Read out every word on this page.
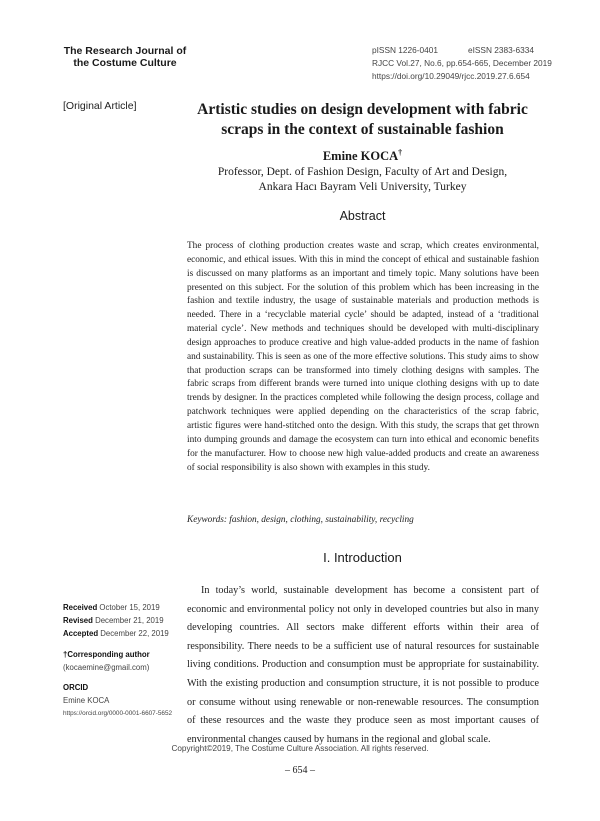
The Research Journal of the Costume Culture
pISSN 1226-0401	eISSN 2383-6334
RJCC Vol.27, No.6, pp.654-665, December 2019
https://doi.org/10.29049/rjcc.2019.27.6.654
[Original Article]	Artistic studies on design development with fabric scraps in the context of sustainable fashion
Emine KOCA†
Professor, Dept. of Fashion Design, Faculty of Art and Design,
Ankara Hacı Bayram Veli University, Turkey
Abstract
The process of clothing production creates waste and scrap, which creates environmental, economic, and ethical issues. With this in mind the concept of ethical and sustainable fashion is discussed on many platforms as an important and timely topic. Many solutions have been presented on this subject. For the solution of this problem which has been increasing in the fashion and textile industry, the usage of sustainable materials and production methods is needed. There in a ‘recyclable material cycle’ should be adapted, instead of a ‘traditional material cycle’. New methods and techniques should be developed with multi-disciplinary design approaches to produce creative and high value-added products in the name of fashion and sustainability. This is seen as one of the more effective solutions. This study aims to show that production scraps can be transformed into timely clothing designs with samples. The fabric scraps from different brands were turned into unique clothing designs with up to date trends by designer. In the practices completed while following the design process, collage and patchwork techniques were applied depending on the characteristics of the scrap fabric, artistic figures were hand-stitched onto the design. With this study, the scraps that get thrown into dumping grounds and damage the ecosystem can turn into ethical and economic benefits for the manufacturer. How to choose new high value-added products and create an awareness of social responsibility is also shown with examples in this study.
Keywords: fashion, design, clothing, sustainability, recycling
I. Introduction
In today’s world, sustainable development has become a consistent part of economic and environmental policy not only in developed countries but also in many developing countries. All sectors make different efforts within their area of responsibility. There needs to be a sufficient use of natural resources for sustainable living conditions. Production and consumption must be appropriate for sustainability. With the existing production and consumption structure, it is not possible to produce or consume without using renewable or non-renewable resources. The consumption of these resources and the waste they produce seen as most important causes of environmental changes caused by humans in the regional and global scale.
Received October 15, 2019
Revised December 21, 2019
Accepted December 22, 2019
†Corresponding author
(kocaemine@gmail.com)
ORCID
Emine KOCA
https://orcid.org/0000-0001-6607-5652
Copyright©2019, The Costume Culture Association. All rights reserved.
– 654 –
